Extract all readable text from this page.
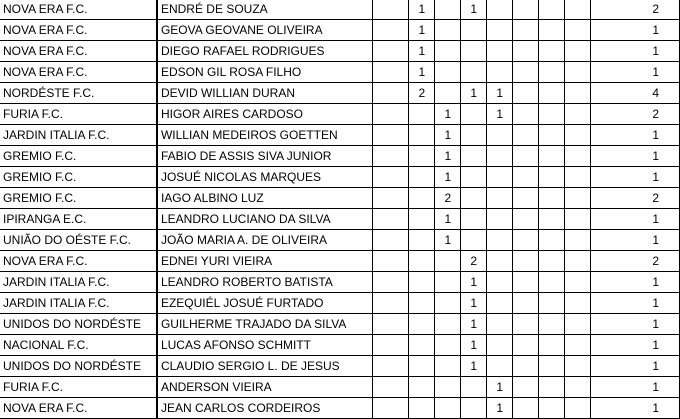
NOVA ERA F.C.	ENDRÉ DE SOUZA		1		1					2
NOVA ERA F.C.	GEOVA GEOVANE OLIVEIRA		1							1
NOVA ERA F.C.	DIEGO RAFAEL RODRIGUES		1							1
NOVA ERA F.C.	EDSON GIL ROSA FILHO		1							1
NORDÉSTE F.C.	DEVID WILLIAN DURAN		2		1	1				4
FURIA F.C.	HIGOR AIRES CARDOSO			1		1				2
JARDIN ITALIA F.C.	WILLIAN MEDEIROS GOETTEN			1						1
GREMIO F.C.	FABIO DE ASSIS SIVA JUNIOR			1						1
GREMIO F.C.	JOSUÉ NICOLAS MARQUES			1						1
GREMIO F.C.	IAGO ALBINO LUZ			2						2
IPIRANGA E.C.	LEANDRO LUCIANO DA SILVA			1						1
UNIÃO DO OÉSTE F.C.	JOÃO MARIA A. DE OLIVEIRA			1						1
NOVA ERA F.C.	EDNEI YURI VIEIRA				2					2
JARDIN ITALIA F.C.	LEANDRO ROBERTO BATISTA				1					1
JARDIN ITALIA F.C.	EZEQUIÉL JOSUÉ FURTADO				1					1
UNIDOS DO NORDÉSTE	GUILHERME TRAJADO DA SILVA				1					1
NACIONAL F.C.	LUCAS AFONSO SCHMITT				1					1
UNIDOS DO NORDÉSTE	CLAUDIO SERGIO L. DE JESUS				1					1
FURIA F.C.	ANDERSON VIEIRA					1				1
NOVA ERA F.C.	JEAN CARLOS CORDEIROS					1				1
